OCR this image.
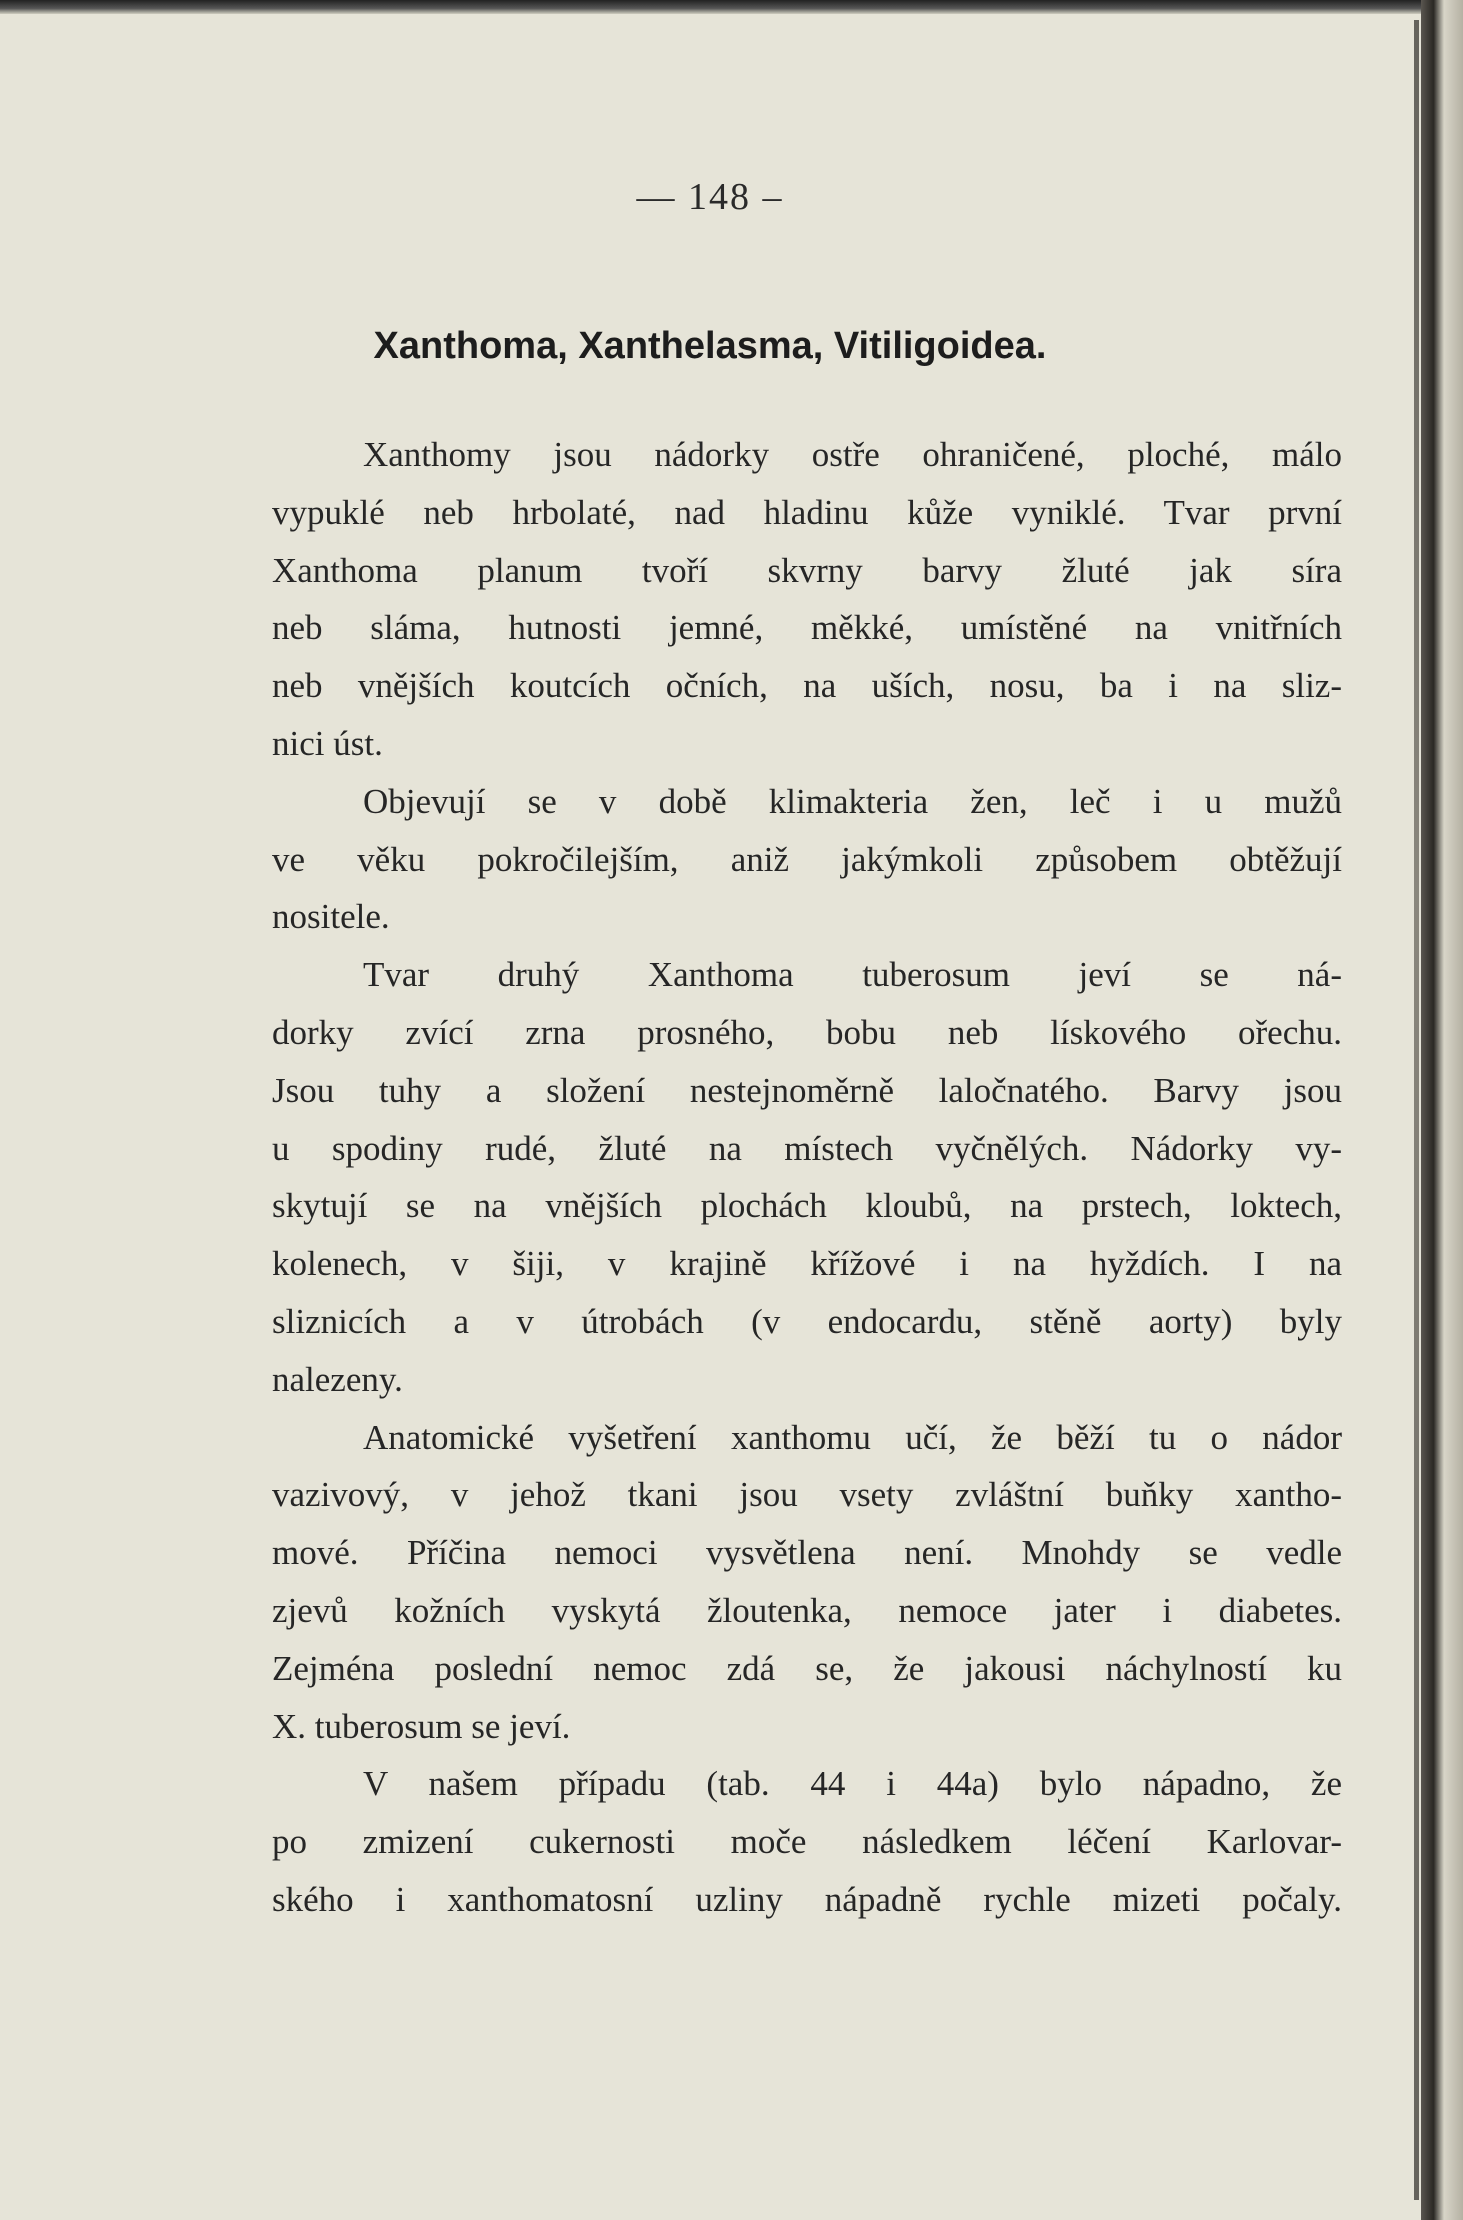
— 148 –
Xanthoma, Xanthelasma, Vitiligoidea.
Xanthomy jsou nádorky ostře ohraničené, ploché, málo
vypuklé neb hrbolaté, nad hladinu kůže vyniklé. Tvar první
Xanthoma planum tvoří skvrny barvy žluté jak síra
neb sláma, hutnosti jemné, měkké, umístěné na vnitřních
neb vnějších koutcích očních, na uších, nosu, ba i na sliz-
nici úst.
Objevují se v době klimakteria žen, leč i u mužů
ve věku pokročilejším, aniž jakýmkoli způsobem obtěžují
nositele.
Tvar druhý Xanthoma tuberosum jeví se ná-
dorky zvící zrna prosného, bobu neb lískového ořechu.
Jsou tuhy a složení nestejnoměrně laločnatého. Barvy jsou
u spodiny rudé, žluté na místech vyčnělých. Nádorky vy-
skytují se na vnějších plochách kloubů, na prstech, loktech,
kolenech, v šiji, v krajině křížové i na hyždích. I na
sliznicích a v útrobách (v endocardu, stěně aorty) byly
nalezeny.
Anatomické vyšetření xanthomu učí, že běží tu o nádor
vazivový, v jehož tkani jsou vsety zvláštní buňky xantho-
mové. Příčina nemoci vysvětlena není. Mnohdy se vedle
zjevů kožních vyskytá žloutenka, nemoce jater i diabetes.
Zejména poslední nemoc zdá se, že jakousi náchylností ku
X. tuberosum se jeví.
V našem případu (tab. 44 i 44a) bylo nápadno, že
po zmizení cukernosti moče následkem léčení Karlovar-
ského i xanthomatosní uzliny nápadně rychle mizeti počaly.
